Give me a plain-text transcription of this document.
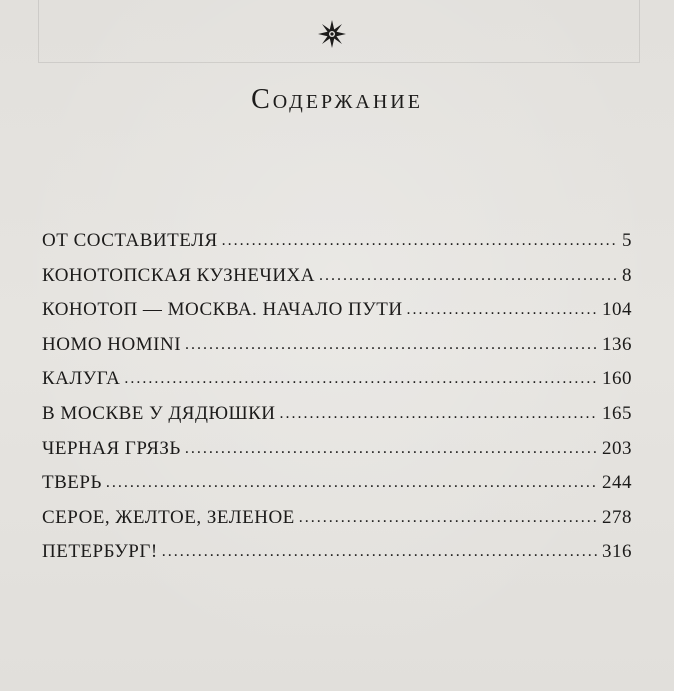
Содержание
ОТ СОСТАВИТЕЛЯ . . .	5
КОНОТОПСКАЯ КУЗНЕЧИХА . . .	8
КОНОТОП — МОСКВА. НАЧАЛО ПУТИ . . .	104
HOMO HOMINI . . .	136
КАЛУГА . . .	160
В МОСКВЕ У ДЯДЮШКИ . . .	165
ЧЕРНАЯ ГРЯЗЬ . . .	203
ТВЕРЬ . . .	244
СЕРОЕ, ЖЕЛТОЕ, ЗЕЛЕНОЕ . . .	278
ПЕТЕРБУРГ! . . .	316
